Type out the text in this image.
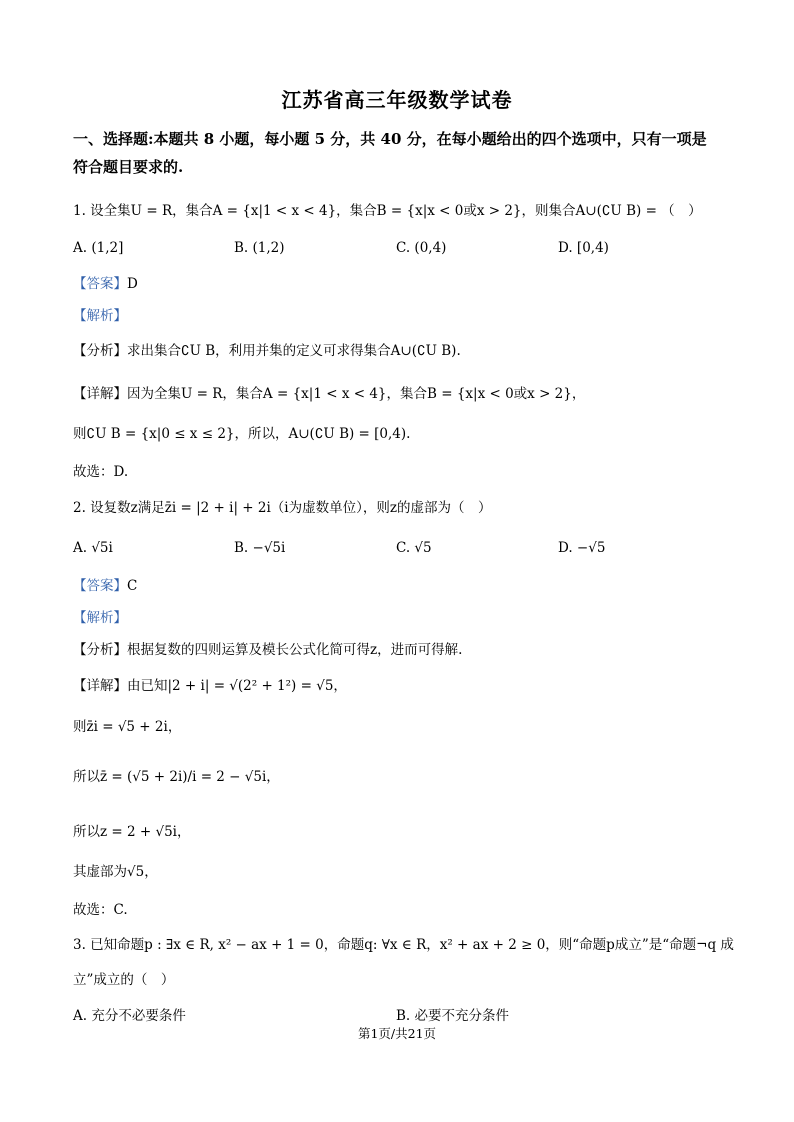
江苏省高三年级数学试卷
一、选择题:本题共 8 小题，每小题 5 分，共 40 分，在每小题给出的四个选项中，只有一项是
符合题目要求的.
1. 设全集U = R，集合A = {x|1 < x < 4}，集合B = {x|x < 0或x > 2}，则集合A∪(∁U B) = （　）
A. (1,2]	B. (1,2)	C. (0,4)	D. [0,4)
【答案】D
【解析】
【分析】求出集合∁U B，利用并集的定义可求得集合A∪(∁U B).
【详解】因为全集U = R，集合A = {x|1 < x < 4}，集合B = {x|x < 0或x > 2}，
则∁U B = {x|0 ≤ x ≤ 2}，所以，A∪(∁U B) = [0,4).
故选：D.
2. 设复数z满足z̄i = |2 + i| + 2i（i为虚数单位），则z的虚部为（　）
A. √5i	B. −√5i	C. √5	D. −√5
【答案】C
【解析】
【分析】根据复数的四则运算及模长公式化简可得z，进而可得解.
【详解】由已知|2 + i| = √(2² + 1²) = √5，
则z̄i = √5 + 2i，
所以z̄ = (√5 + 2i)/i = 2 − √5i，
所以z = 2 + √5i，
其虚部为√5，
故选：C.
3. 已知命题p : ∃x ∈ R, x² − ax + 1 = 0，命题q: ∀x ∈ R，x² + ax + 2 ≥ 0，则“命题p成立”是“命题¬q 成
立”成立的（　）
A. 充分不必要条件	B. 必要不充分条件
第1页/共21页
